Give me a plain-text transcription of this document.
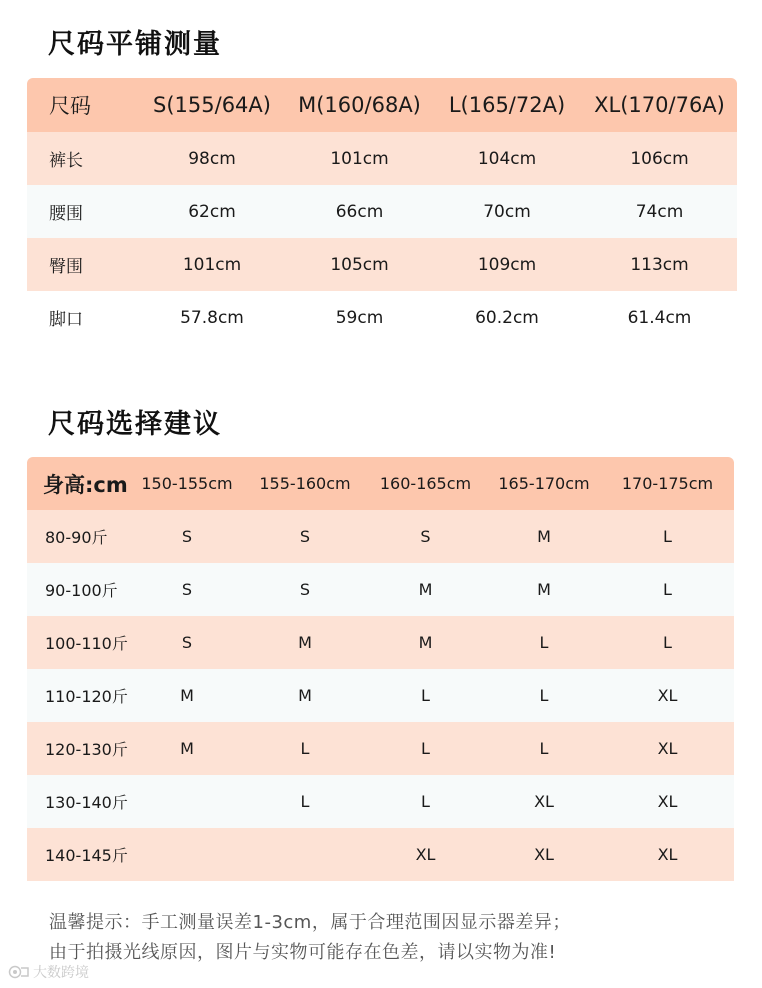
尺码平铺测量
尺码	S(155/64A)	M(160/68A)	L(165/72A)	XL(170/76A)
裤长	98cm	101cm	104cm	106cm
腰围	62cm	66cm	70cm	74cm
臀围	101cm	105cm	109cm	113cm
脚口	57.8cm	59cm	60.2cm	61.4cm
尺码选择建议
身高:cm	150-155cm	155-160cm	160-165cm	165-170cm	170-175cm
80-90斤	S	S	S	M	L
90-100斤	S	S	M	M	L
100-110斤	S	M	M	L	L
110-120斤	M	M	L	L	XL
120-130斤	M	L	L	L	XL
130-140斤		L	L	XL	XL
140-145斤			XL	XL	XL
温馨提示：手工测量误差1-3cm，属于合理范围因显示器差异；
由于拍摄光线原因，图片与实物可能存在色差，请以实物为准!
大数跨境
